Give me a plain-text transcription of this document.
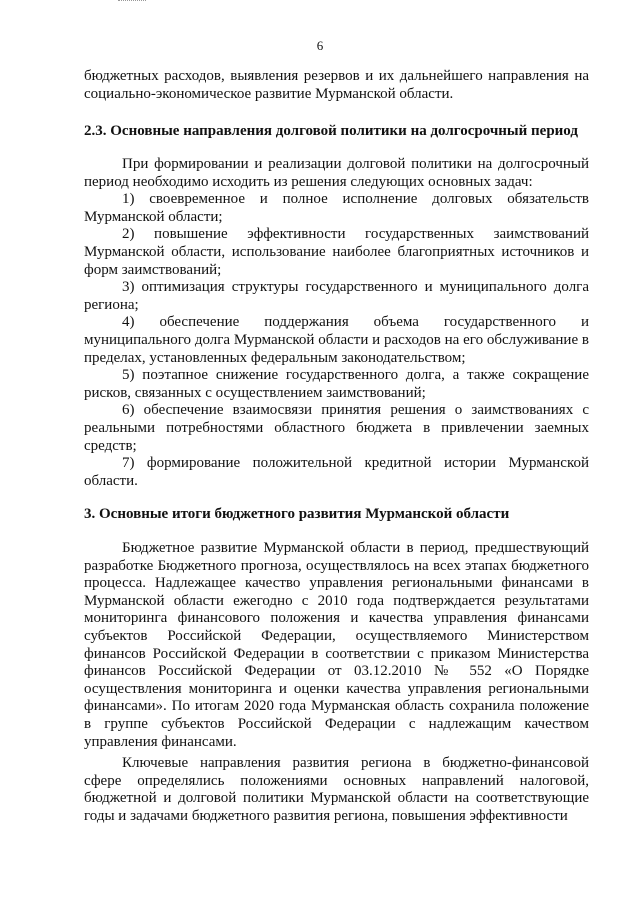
6

бюджетных расходов, выявления резервов и их дальнейшего направления на социально-экономическое развитие Мурманской области.

2.3. Основные направления долговой политики на долгосрочный период

При формировании и реализации долговой политики на долгосрочный период необходимо исходить из решения следующих основных задач:

1) своевременное и полное исполнение долговых обязательств Мурманской области;

2) повышение эффективности государственных заимствований Мурманской области, использование наиболее благоприятных источников и форм заимствований;

3) оптимизация структуры государственного и муниципального долга региона;

4) обеспечение поддержания объема государственного и муниципального долга Мурманской области и расходов на его обслуживание в пределах, установленных федеральным законодательством;

5) поэтапное снижение государственного долга, а также сокращение рисков, связанных с осуществлением заимствований;

6) обеспечение взаимосвязи принятия решения о заимствованиях с реальными потребностями областного бюджета в привлечении заемных средств;

7) формирование положительной кредитной истории Мурманской области.

3. Основные итоги бюджетного развития Мурманской области

Бюджетное развитие Мурманской области в период, предшествующий разработке Бюджетного прогноза, осуществлялось на всех этапах бюджетного процесса. Надлежащее качество управления региональными финансами в Мурманской области ежегодно с 2010 года подтверждается результатами мониторинга финансового положения и качества управления финансами субъектов Российской Федерации, осуществляемого Министерством финансов Российской Федерации в соответствии с приказом Министерства финансов Российской Федерации от 03.12.2010 № 552 «О Порядке осуществления мониторинга и оценки качества управления региональными финансами». По итогам 2020 года Мурманская область сохранила положение в группе субъектов Российской Федерации с надлежащим качеством управления финансами.

Ключевые направления развития региона в бюджетно-финансовой сфере определялись положениями основных направлений налоговой, бюджетной и долговой политики Мурманской области на соответствующие годы и задачами бюджетного развития региона, повышения эффективности
